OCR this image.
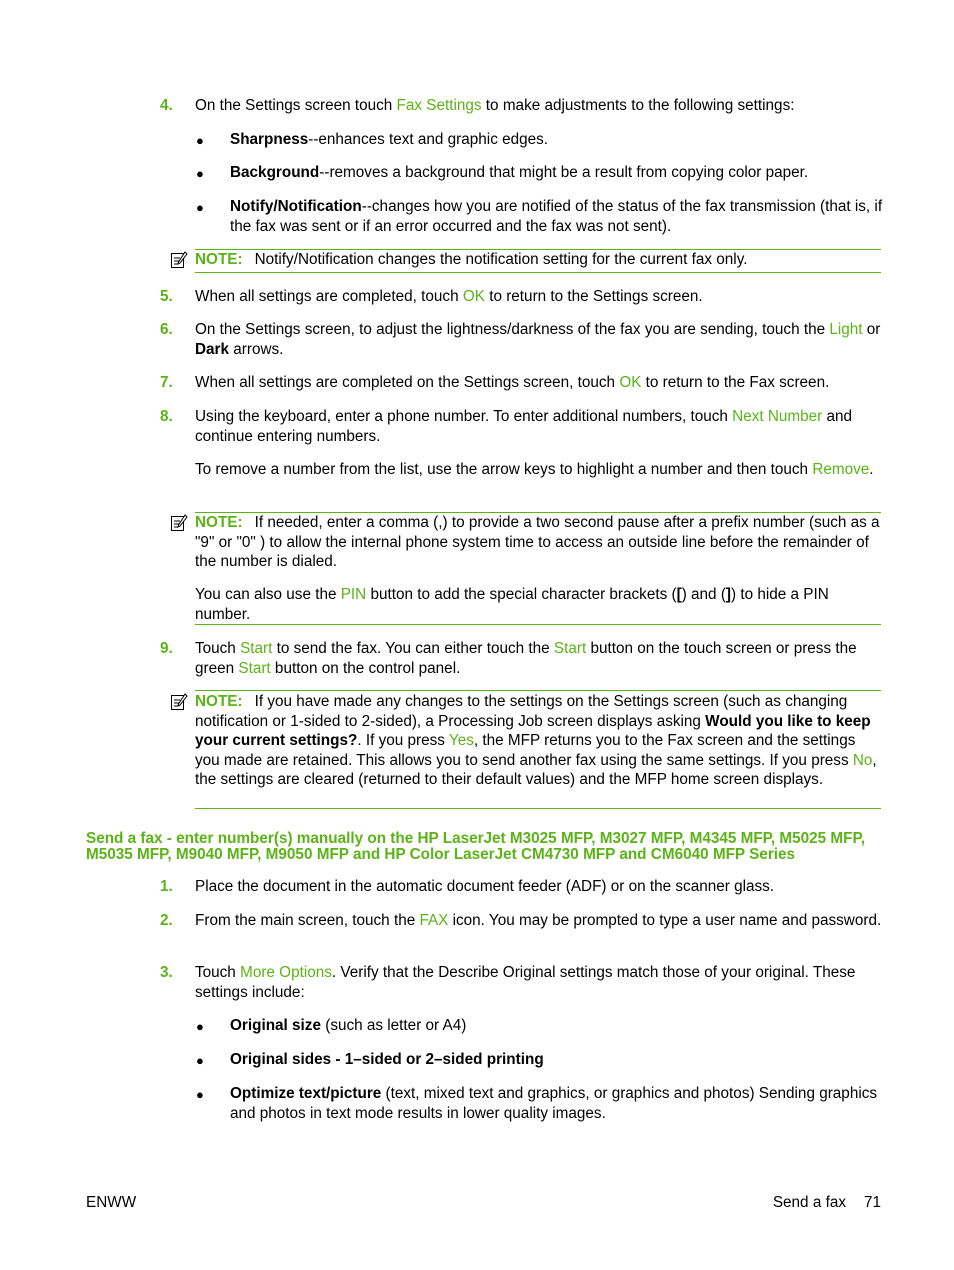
4. On the Settings screen touch Fax Settings to make adjustments to the following settings:
● Sharpness--enhances text and graphic edges.
● Background--removes a background that might be a result from copying color paper.
● Notify/Notification--changes how you are notified of the status of the fax transmission (that is, if the fax was sent or if an error occurred and the fax was not sent).
NOTE: Notify/Notification changes the notification setting for the current fax only.
5. When all settings are completed, touch OK to return to the Settings screen.
6. On the Settings screen, to adjust the lightness/darkness of the fax you are sending, touch the Light or Dark arrows.
7. When all settings are completed on the Settings screen, touch OK to return to the Fax screen.
8. Using the keyboard, enter a phone number. To enter additional numbers, touch Next Number and continue entering numbers.
To remove a number from the list, use the arrow keys to highlight a number and then touch Remove.
NOTE: If needed, enter a comma (,) to provide a two second pause after a prefix number (such as a "9" or "0" ) to allow the internal phone system time to access an outside line before the remainder of the number is dialed.
You can also use the PIN button to add the special character brackets ([) and (]) to hide a PIN number.
9. Touch Start to send the fax. You can either touch the Start button on the touch screen or press the green Start button on the control panel.
NOTE: If you have made any changes to the settings on the Settings screen (such as changing notification or 1-sided to 2-sided), a Processing Job screen displays asking Would you like to keep your current settings?. If you press Yes, the MFP returns you to the Fax screen and the settings you made are retained. This allows you to send another fax using the same settings. If you press No, the settings are cleared (returned to their default values) and the MFP home screen displays.
Send a fax - enter number(s) manually on the HP LaserJet M3025 MFP, M3027 MFP, M4345 MFP, M5025 MFP, M5035 MFP, M9040 MFP, M9050 MFP and HP Color LaserJet CM4730 MFP and CM6040 MFP Series
1. Place the document in the automatic document feeder (ADF) or on the scanner glass.
2. From the main screen, touch the FAX icon. You may be prompted to type a user name and password.
3. Touch More Options. Verify that the Describe Original settings match those of your original. These settings include:
● Original size (such as letter or A4)
● Original sides - 1–sided or 2–sided printing
● Optimize text/picture (text, mixed text and graphics, or graphics and photos) Sending graphics and photos in text mode results in lower quality images.
ENWW	Send a fax 71
